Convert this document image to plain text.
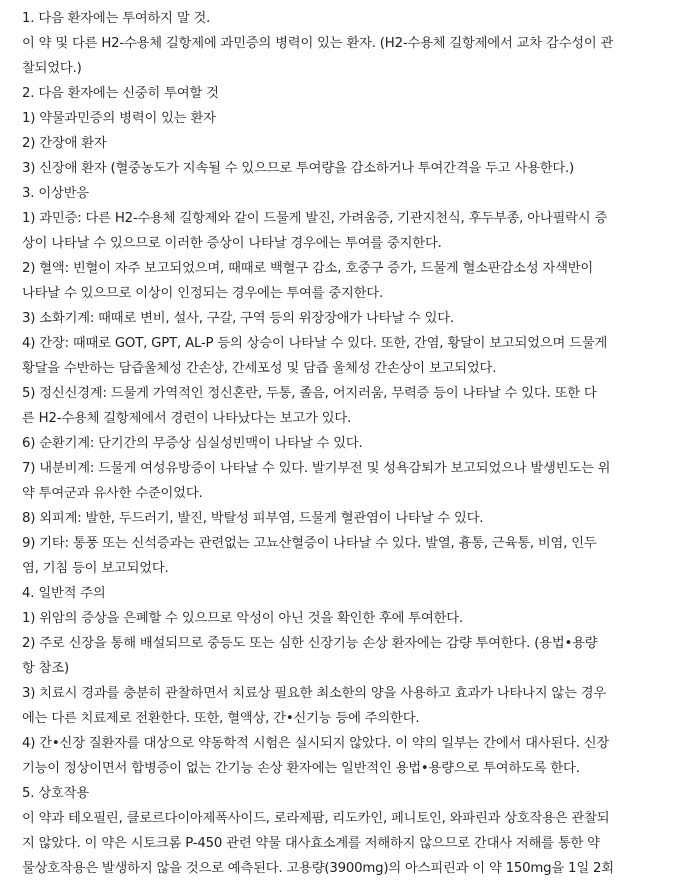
1. 다음 환자에는 투여하지 말 것.
이 약 및 다른 H2-수용체 길항제에 과민증의 병력이 있는 환자. (H2-수용체 길항제에서 교차 감수성이 관
찰되었다.)
2. 다음 환자에는 신중히 투여할 것
1) 약물과민증의 병력이 있는 환자
2) 간장애 환자
3) 신장애 환자 (혈중농도가 지속될 수 있으므로 투여량을 감소하거나 투여간격을 두고 사용한다.)
3. 이상반응
1) 과민증: 다른 H2-수용체 길항제와 같이 드물게 발진, 가려움증, 기관지천식, 후두부종, 아나필락시 증
상이 나타날 수 있으므로 이러한 증상이 나타날 경우에는 투여를 중지한다.
2) 혈액: 빈혈이 자주 보고되었으며, 때때로 백혈구 감소, 호중구 증가, 드물게 혈소판감소성 자색반이
나타날 수 있으므로 이상이 인정되는 경우에는 투여를 중지한다.
3) 소화기계: 때때로 변비, 설사, 구갈, 구역 등의 위장장애가 나타날 수 있다.
4) 간장: 때때로 GOT, GPT, AL-P 등의 상승이 나타날 수 있다. 또한, 간염, 황달이 보고되었으며 드물게
황달을 수반하는 담즙울체성 간손상, 간세포성 및 담즙 울체성 간손상이 보고되었다.
5) 정신신경계: 드물게 가역적인 정신혼란, 두통, 졸음, 어지러움, 무력증 등이 나타날 수 있다. 또한 다
른 H2-수용체 길항제에서 경련이 나타났다는 보고가 있다.
6) 순환기계: 단기간의 무증상 심실성빈맥이 나타날 수 있다.
7) 내분비계: 드물게 여성유방증이 나타날 수 있다. 발기부전 및 성욕감퇴가 보고되었으나 발생빈도는 위
약 투여군과 유사한 수준이었다.
8) 외피계: 발한, 두드러기, 발진, 박탈성 피부염, 드물게 혈관염이 나타날 수 있다.
9) 기타: 통풍 또는 신석증과는 관련없는 고뇨산혈증이 나타날 수 있다. 발열, 흉통, 근육통, 비염, 인두
염, 기침 등이 보고되었다.
4. 일반적 주의
1) 위암의 증상을 은폐할 수 있으므로 악성이 아닌 것을 확인한 후에 투여한다.
2) 주로 신장을 통해 배설되므로 중등도 또는 심한 신장기능 손상 환자에는 감량 투여한다. (용법•용량
항 참조)
3) 치료시 경과를 충분히 관찰하면서 치료상 필요한 최소한의 양을 사용하고 효과가 나타나지 않는 경우
에는 다른 치료제로 전환한다. 또한, 혈액상, 간•신기능 등에 주의한다.
4) 간•신장 질환자를 대상으로 약동학적 시험은 실시되지 않았다. 이 약의 일부는 간에서 대사된다. 신장
기능이 정상이면서 합병증이 없는 간기능 손상 환자에는 일반적인 용법•용량으로 투여하도록 한다.
5. 상호작용
이 약과 테오필린, 클로르다이아제폭사이드, 로라제팜, 리도카인, 페니토인, 와파린과 상호작용은 관찰되
지 않았다. 이 약은 시토크롬 P-450 관련 약물 대사효소계를 저해하지 않으므로 간대사 저해를 통한 약
물상호작용은 발생하지 않을 것으로 예측된다. 고용량(3900mg)의 아스피린과 이 약 150mg을 1일 2회
